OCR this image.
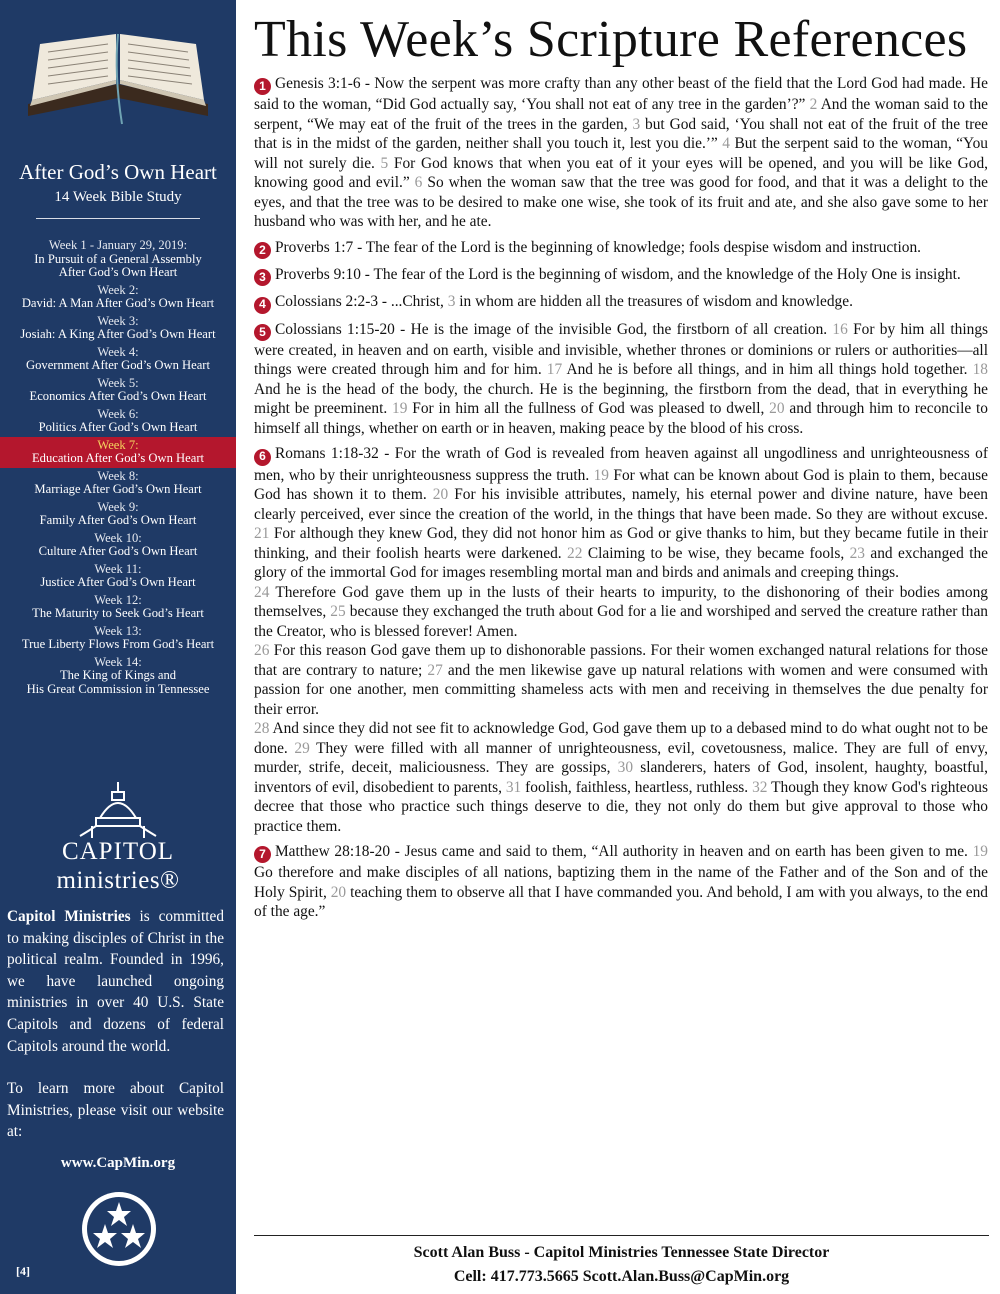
After God’s Own Heart
14 Week Bible Study
Week 1 - January 29, 2019:
In Pursuit of a General Assembly
After God’s Own Heart
Week 2:
David: A Man After God’s Own Heart
Week 3:
Josiah: A King After God’s Own Heart
Week 4:
Government After God’s Own Heart
Week 5:
Economics After God’s Own Heart
Week 6:
Politics After God’s Own Heart
Week 7:
Education After God’s Own Heart
Week 8:
Marriage After God’s Own Heart
Week 9:
Family After God’s Own Heart
Week 10:
Culture After God’s Own Heart
Week 11:
Justice After God’s Own Heart
Week 12:
The Maturity to Seek God’s Heart
Week 13:
True Liberty Flows From God’s Heart
Week 14:
The King of Kings and
His Great Commission in Tennessee
CAPITOL
ministries®
Capitol Ministries is committed to making disciples of Christ in the political realm. Founded in 1996, we have launched ongoing ministries in over 40 U.S. State Capitols and dozens of federal Capitols around the world.
To learn more about Capitol Ministries, please visit our website at:
www.CapMin.org
[4]
This Week’s Scripture References

1 Genesis 3:1-6 - Now the serpent was more crafty than any other beast of the field that the Lord God had made. He said to the woman, “Did God actually say, ‘You shall not eat of any tree in the garden’?” 2 And the woman said to the serpent, “We may eat of the fruit of the trees in the garden, 3 but God said, ‘You shall not eat of the fruit of the tree that is in the midst of the garden, neither shall you touch it, lest you die.’” 4 But the serpent said to the woman, “You will not surely die. 5 For God knows that when you eat of it your eyes will be opened, and you will be like God, knowing good and evil.” 6 So when the woman saw that the tree was good for food, and that it was a delight to the eyes, and that the tree was to be desired to make one wise, she took of its fruit and ate, and she also gave some to her husband who was with her, and he ate.

2 Proverbs 1:7 - The fear of the Lord is the beginning of knowledge; fools despise wisdom and instruction.

3 Proverbs 9:10 - The fear of the Lord is the beginning of wisdom, and the knowledge of the Holy One is insight.

4 Colossians 2:2-3 - ...Christ, 3 in whom are hidden all the treasures of wisdom and knowledge.

5 Colossians 1:15-20 - He is the image of the invisible God, the firstborn of all creation. 16 For by him all things were created, in heaven and on earth, visible and invisible, whether thrones or dominions or rulers or authorities—all things were created through him and for him. 17 And he is before all things, and in him all things hold together. 18 And he is the head of the body, the church. He is the beginning, the firstborn from the dead, that in everything he might be preeminent. 19 For in him all the fullness of God was pleased to dwell, 20 and through him to reconcile to himself all things, whether on earth or in heaven, making peace by the blood of his cross.

6 Romans 1:18-32 - For the wrath of God is revealed from heaven against all ungodliness and unrighteousness of men, who by their unrighteousness suppress the truth. 19 For what can be known about God is plain to them, because God has shown it to them. 20 For his invisible attributes, namely, his eternal power and divine nature, have been clearly perceived, ever since the creation of the world, in the things that have been made. So they are without excuse. 21 For although they knew God, they did not honor him as God or give thanks to him, but they became futile in their thinking, and their foolish hearts were darkened. 22 Claiming to be wise, they became fools, 23 and exchanged the glory of the immortal God for images resembling mortal man and birds and animals and creeping things.

24 Therefore God gave them up in the lusts of their hearts to impurity, to the dishonoring of their bodies among themselves, 25 because they exchanged the truth about God for a lie and worshiped and served the creature rather than the Creator, who is blessed forever! Amen.

26 For this reason God gave them up to dishonorable passions. For their women exchanged natural relations for those that are contrary to nature; 27 and the men likewise gave up natural relations with women and were consumed with passion for one another, men committing shameless acts with men and receiving in themselves the due penalty for their error.

28 And since they did not see fit to acknowledge God, God gave them up to a debased mind to do what ought not to be done. 29 They were filled with all manner of unrighteousness, evil, covetousness, malice. They are full of envy, murder, strife, deceit, maliciousness. They are gossips, 30 slanderers, haters of God, insolent, haughty, boastful, inventors of evil, disobedient to parents, 31 foolish, faithless, heartless, ruthless. 32 Though they know God's righteous decree that those who practice such things deserve to die, they not only do them but give approval to those who practice them.

7 Matthew 28:18-20 - Jesus came and said to them, “All authority in heaven and on earth has been given to me. 19 Go therefore and make disciples of all nations, baptizing them in the name of the Father and of the Son and of the Holy Spirit, 20 teaching them to observe all that I have commanded you. And behold, I am with you always, to the end of the age.”

Scott Alan Buss - Capitol Ministries Tennessee State Director
Cell: 417.773.5665 Scott.Alan.Buss@CapMin.org
